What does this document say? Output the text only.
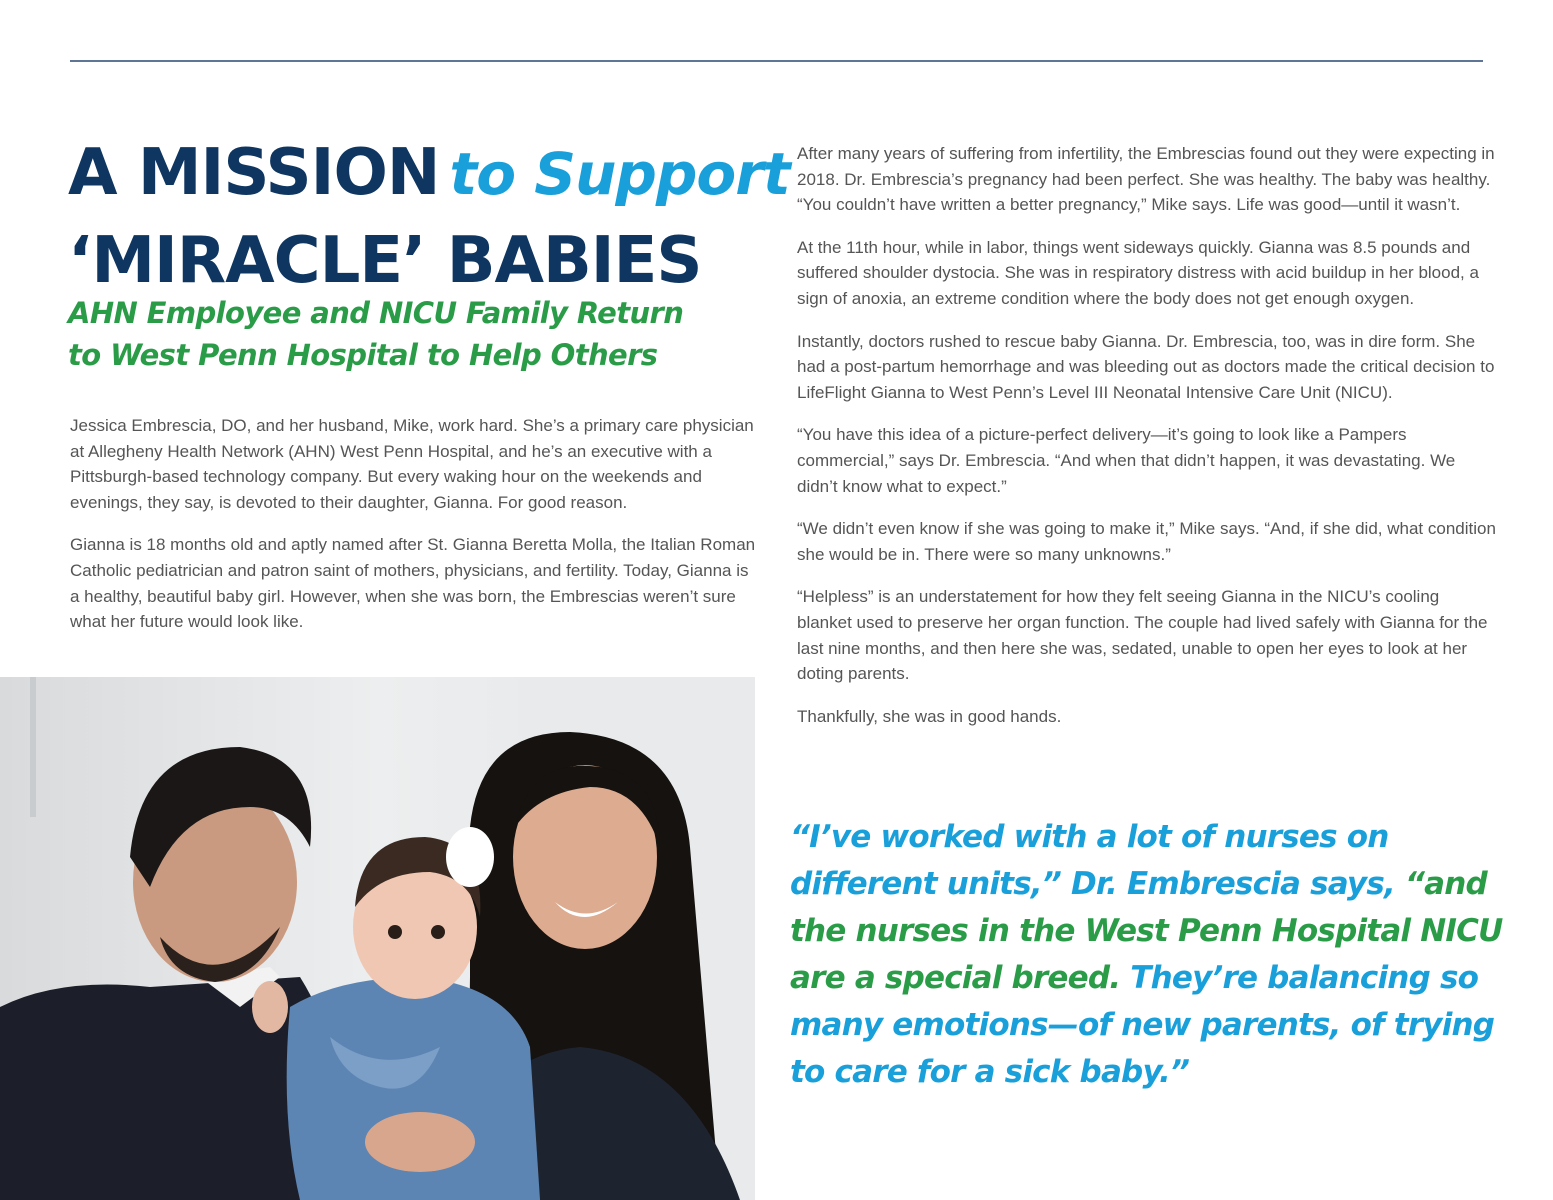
A MISSION to Support
‘MIRACLE’ BABIES
AHN Employee and NICU Family Return
to West Penn Hospital to Help Others

Jessica Embrescia, DO, and her husband, Mike, work hard. She’s a primary care physician at Allegheny Health Network (AHN) West Penn Hospital, and he’s an executive with a Pittsburgh-based technology company. But every waking hour on the weekends and evenings, they say, is devoted to their daughter, Gianna. For good reason.

Gianna is 18 months old and aptly named after St. Gianna Beretta Molla, the Italian Roman Catholic pediatrician and patron saint of mothers, physicians, and fertility. Today, Gianna is a healthy, beautiful baby girl. However, when she was born, the Embrescias weren’t sure what her future would look like.

After many years of suffering from infertility, the Embrescias found out they were expecting in 2018. Dr. Embrescia’s pregnancy had been perfect. She was healthy. The baby was healthy. “You couldn’t have written a better pregnancy,” Mike says. Life was good—until it wasn’t.

At the 11th hour, while in labor, things went sideways quickly. Gianna was 8.5 pounds and suffered shoulder dystocia. She was in respiratory distress with acid buildup in her blood, a sign of anoxia, an extreme condition where the body does not get enough oxygen.

Instantly, doctors rushed to rescue baby Gianna. Dr. Embrescia, too, was in dire form. She had a post-partum hemorrhage and was bleeding out as doctors made the critical decision to LifeFlight Gianna to West Penn’s Level III Neonatal Intensive Care Unit (NICU).

“You have this idea of a picture-perfect delivery—it’s going to look like a Pampers commercial,” says Dr. Embrescia. “And when that didn’t happen, it was devastating. We didn’t know what to expect.”

“We didn’t even know if she was going to make it,” Mike says. “And, if she did, what condition she would be in. There were so many unknowns.”

“Helpless” is an understatement for how they felt seeing Gianna in the NICU’s cooling blanket used to preserve her organ function. The couple had lived safely with Gianna for the last nine months, and then here she was, sedated, unable to open her eyes to look at her doting parents.

Thankfully, she was in good hands.

“I’ve worked with a lot of nurses on different units,” Dr. Embrescia says, “and the nurses in the West Penn Hospital NICU are a special breed. They’re balancing so many emotions—of new parents, of trying to care for a sick baby.”
